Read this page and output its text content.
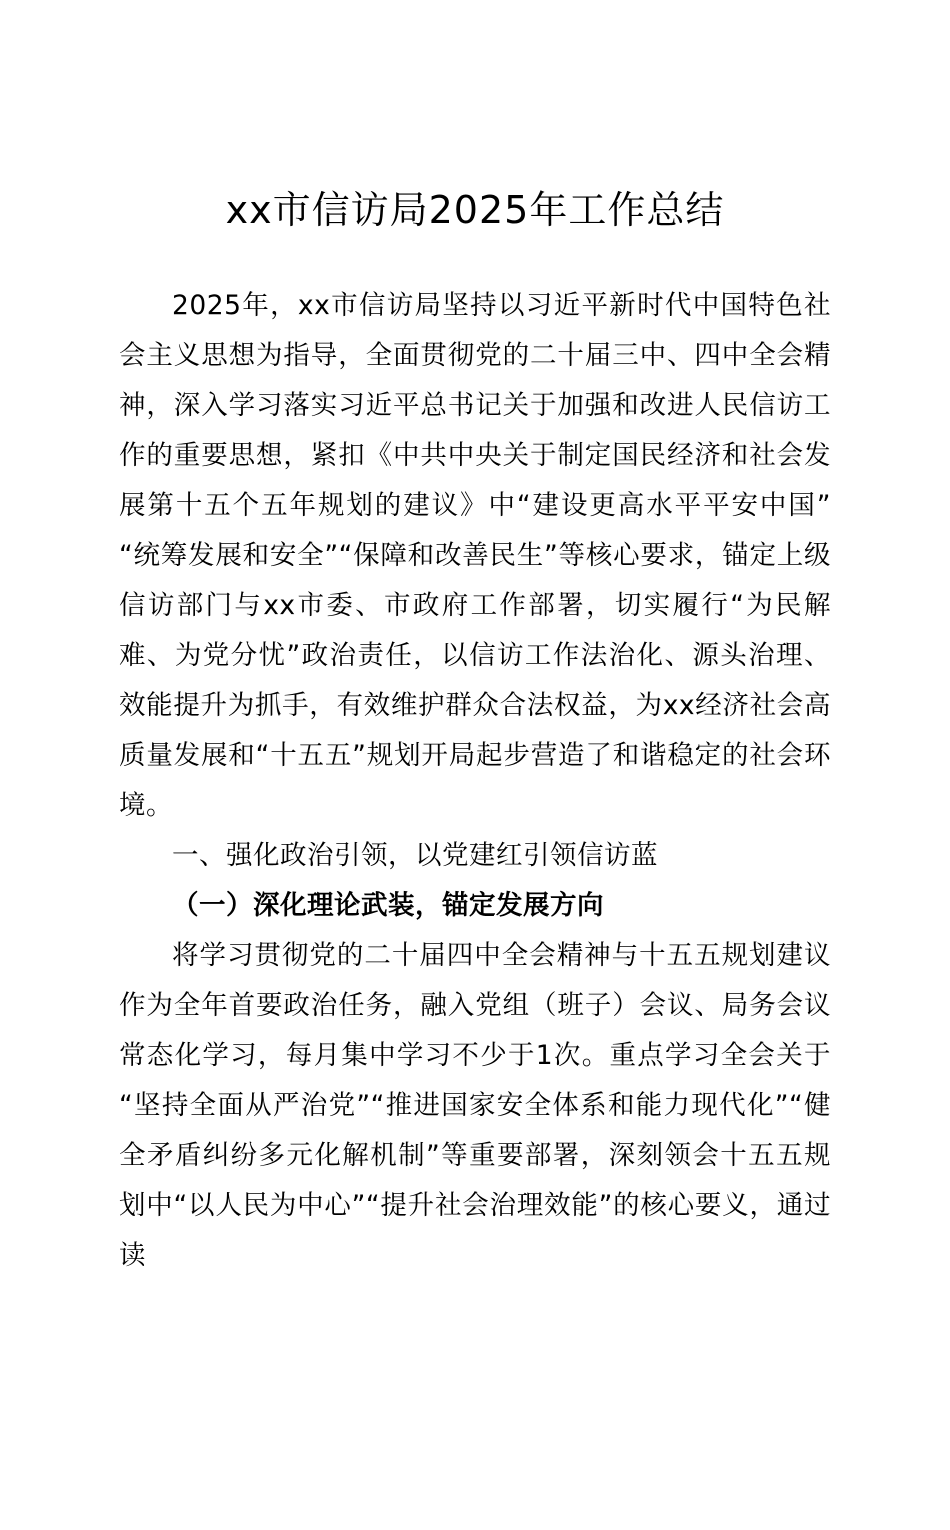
xx市信访局2025年工作总结

2025年，xx市信访局坚持以习近平新时代中国特色社会主义思想为指导，全面贯彻党的二十届三中、四中全会精神，深入学习落实习近平总书记关于加强和改进人民信访工作的重要思想，紧扣《中共中央关于制定国民经济和社会发展第十五个五年规划的建议》中“建设更高水平平安中国”“统筹发展和安全”“保障和改善民生”等核心要求，锚定上级信访部门与xx市委、市政府工作部署，切实履行“为民解难、为党分忧”政治责任，以信访工作法治化、源头治理、效能提升为抓手，有效维护群众合法权益，为xx经济社会高质量发展和“十五五”规划开局起步营造了和谐稳定的社会环境。

一、强化政治引领，以党建红引领信访蓝

（一）深化理论武装，锚定发展方向

将学习贯彻党的二十届四中全会精神与十五五规划建议作为全年首要政治任务，融入党组（班子）会议、局务会议常态化学习，每月集中学习不少于1次。重点学习全会关于“坚持全面从严治党”“推进国家安全体系和能力现代化”“健全矛盾纠纷多元化解机制”等重要部署，深刻领会十五五规划中“以人民为中心”“提升社会治理效能”的核心要义，通过读
